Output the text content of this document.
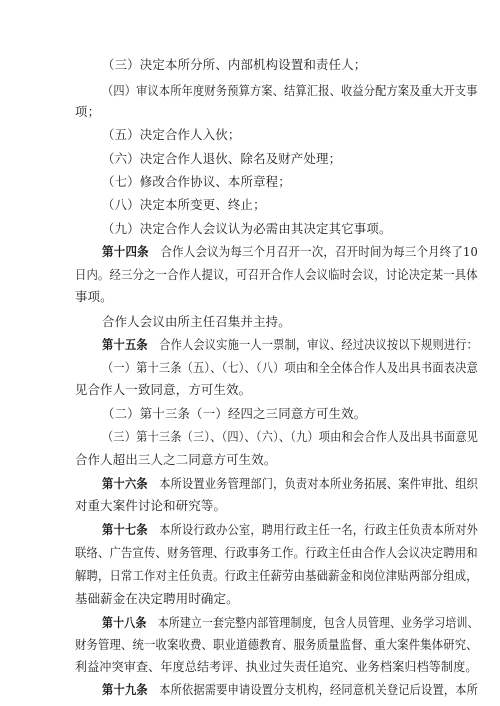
（三）决定本所分所、内部机构设置和责任人；
（四）审议本所年度财务预算方案、结算汇报、收益分配方案及重大开支事
项；
（五）决定合作人入伙；
（六）决定合作人退伙、除名及财产处理；
（七）修改合作协议、本所章程；
（八）决定本所变更、终止；
（九）决定合作人会议认为必需由其决定其它事项。
第十四条　合作人会议为每三个月召开一次，召开时间为每三个月终了10
日内。经三分之一合作人提议，可召开合作人会议临时会议，讨论决定某一具体
事项。
合作人会议由所主任召集并主持。
第十五条　合作人会议实施一人一票制，审议、经过决议按以下规则进行：
（一）第十三条（五）、（七）、（八）项由和全全体合作人及出具书面表决意
见合作人一致同意，方可生效。
（二）第十三条（一）经四之三同意方可生效。
（三）第十三条（三）、（四）、（六）、（九）项由和会合作人及出具书面意见
合作人超出三人之二同意方可生效。
第十六条　本所设置业务管理部门，负责对本所业务拓展、案件审批、组织
对重大案件讨论和研究等。
第十七条　本所设行政办公室，聘用行政主任一名，行政主任负责本所对外
联络、广告宣传、财务管理、行政事务工作。行政主任由合作人会议决定聘用和
解聘，日常工作对主任负责。行政主任薪劳由基础薪金和岗位津贴两部分组成，
基础薪金在决定聘用时确定。
第十八条　本所建立一套完整内部管理制度，包含人员管理、业务学习培训、
财务管理、统一收案收费、职业道德教育、服务质量监督、重大案件集体研究、
利益冲突审查、年度总结考评、执业过失责任追究、业务档案归档等制度。
第十九条　本所依据需要申请设置分支机构，经同意机关登记后设置，本所
